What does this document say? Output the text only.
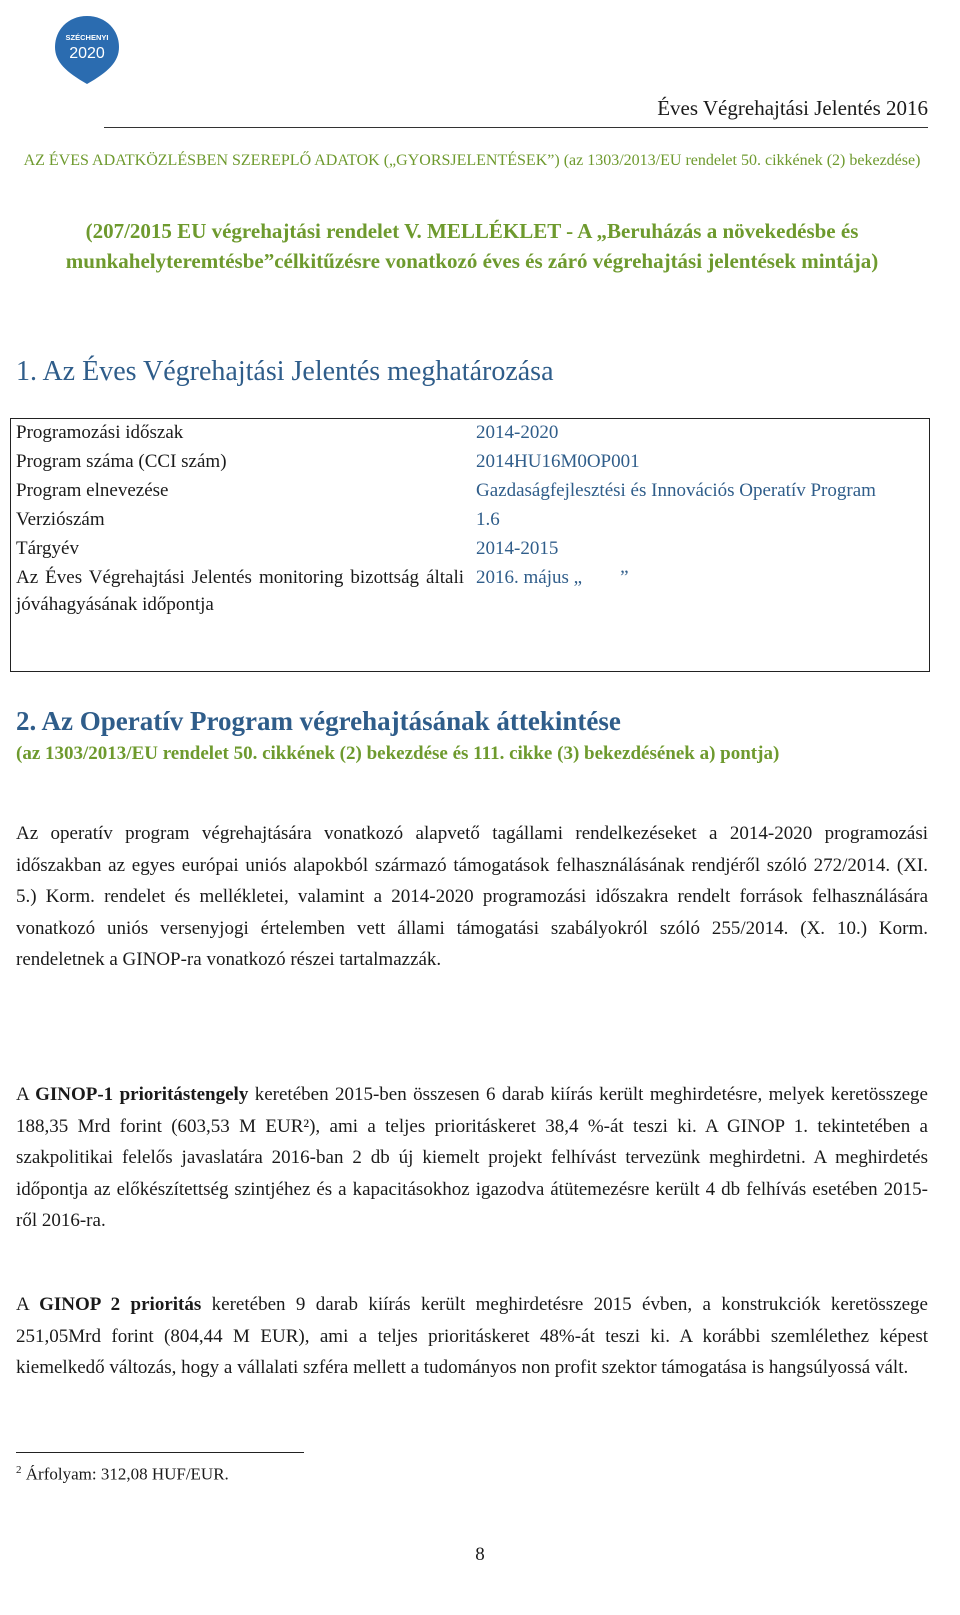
SZÉCHENYI
2020
Éves Végrehajtási Jelentés 2016
AZ ÉVES ADATKÖZLÉSBEN SZEREPLŐ ADATOK („GYORSJELENTÉSEK”) (az 1303/2013/EU rendelet 50. cikkének (2) bekezdése)
(207/2015 EU végrehajtási rendelet V. MELLÉKLET - A „Beruházás a növekedésbe és munkahelyteremtésbe”célkitűzésre vonatkozó éves és záró végrehajtási jelentések mintája)
1. Az Éves Végrehajtási Jelentés meghatározása
Programozási időszak	2014-2020
Program száma (CCI szám)	2014HU16M0OP001
Program elnevezése	Gazdaságfejlesztési és Innovációs Operatív Program
Verziószám	1.6
Tárgyév	2014-2015
Az Éves Végrehajtási Jelentés monitoring bizottság általi jóváhagyásának időpontja	2016. május „        ”
2. Az Operatív Program végrehajtásának áttekintése
(az 1303/2013/EU rendelet 50. cikkének (2) bekezdése és 111. cikke (3) bekezdésének a) pontja)
Az operatív program végrehajtására vonatkozó alapvető tagállami rendelkezéseket a 2014-2020 programozási időszakban az egyes európai uniós alapokból származó támogatások felhasználásának rendjéről szóló 272/2014. (XI. 5.) Korm. rendelet és mellékletei, valamint a 2014-2020 programozási időszakra rendelt források felhasználására vonatkozó uniós versenyjogi értelemben vett állami támogatási szabályokról szóló 255/2014. (X. 10.) Korm. rendeletnek a GINOP-ra vonatkozó részei tartalmazzák.
A GINOP-1 prioritástengely keretében 2015-ben összesen 6 darab kiírás került meghirdetésre, melyek keretösszege 188,35 Mrd forint (603,53 M EUR²), ami a teljes prioritáskeret 38,4 %-át teszi ki. A GINOP 1. tekintetében a szakpolitikai felelős javaslatára 2016-ban 2 db új kiemelt projekt felhívást tervezünk meghirdetni. A meghirdetés időpontja az előkészítettség szintjéhez és a kapacitásokhoz igazodva átütemezésre került 4 db felhívás esetében 2015-ről 2016-ra.
A GINOP 2 prioritás keretében 9 darab kiírás került meghirdetésre 2015 évben, a konstrukciók keretösszege 251,05Mrd forint (804,44 M EUR), ami a teljes prioritáskeret 48%-át teszi ki. A korábbi szemlélethez képest kiemelkedő változás, hogy a vállalati szféra mellett a tudományos non profit szektor támogatása is hangsúlyossá vált.
$^2$ Árfolyam: 312,08 HUF/EUR.
8
